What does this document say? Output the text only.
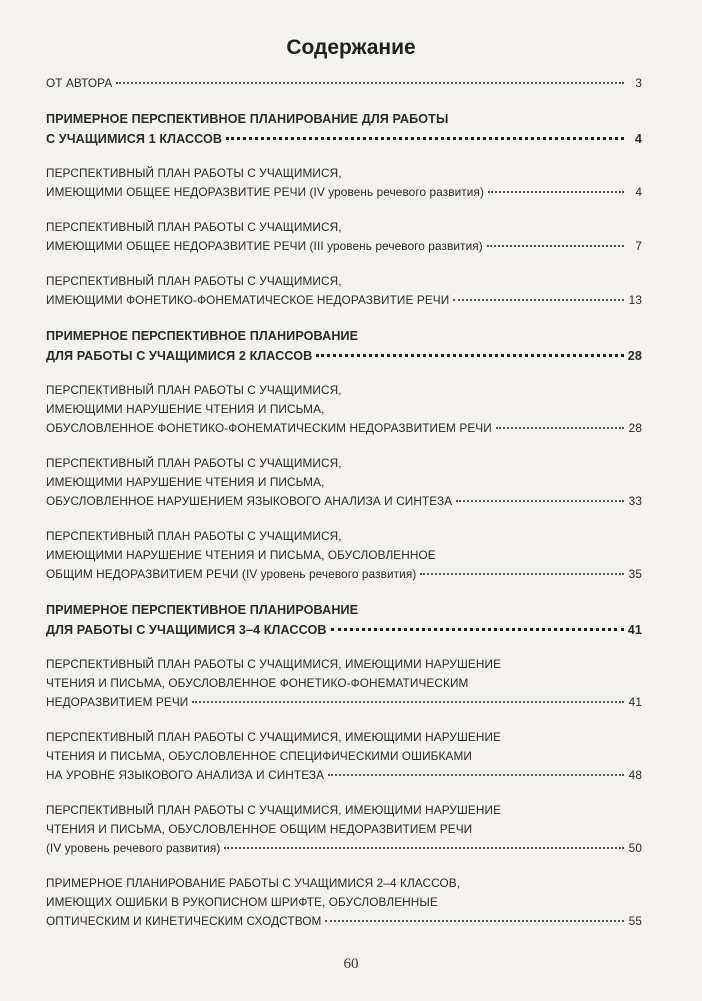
Содержание
ОТ АВТОРА	3
ПРИМЕРНОЕ ПЕРСПЕКТИВНОЕ ПЛАНИРОВАНИЕ ДЛЯ РАБОТЫ
С УЧАЩИМИСЯ 1 КЛАССОВ	4
ПЕРСПЕКТИВНЫЙ ПЛАН РАБОТЫ С УЧАЩИМИСЯ,
ИМЕЮЩИМИ ОБЩЕЕ НЕДОРАЗВИТИЕ РЕЧИ (IV уровень речевого развития)	4
ПЕРСПЕКТИВНЫЙ ПЛАН РАБОТЫ С УЧАЩИМИСЯ,
ИМЕЮЩИМИ ОБЩЕЕ НЕДОРАЗВИТИЕ РЕЧИ (III уровень речевого развития)	7
ПЕРСПЕКТИВНЫЙ ПЛАН РАБОТЫ С УЧАЩИМИСЯ,
ИМЕЮЩИМИ ФОНЕТИКО-ФОНЕМАТИЧЕСКОЕ НЕДОРАЗВИТИЕ РЕЧИ	13
ПРИМЕРНОЕ ПЕРСПЕКТИВНОЕ ПЛАНИРОВАНИЕ
ДЛЯ РАБОТЫ С УЧАЩИМИСЯ 2 КЛАССОВ	28
ПЕРСПЕКТИВНЫЙ ПЛАН РАБОТЫ С УЧАЩИМИСЯ,
ИМЕЮЩИМИ НАРУШЕНИЕ ЧТЕНИЯ И ПИСЬМА,
ОБУСЛОВЛЕННОЕ ФОНЕТИКО-ФОНЕМАТИЧЕСКИМ НЕДОРАЗВИТИЕМ РЕЧИ	28
ПЕРСПЕКТИВНЫЙ ПЛАН РАБОТЫ С УЧАЩИМИСЯ,
ИМЕЮЩИМИ НАРУШЕНИЕ ЧТЕНИЯ И ПИСЬМА,
ОБУСЛОВЛЕННОЕ НАРУШЕНИЕМ ЯЗЫКОВОГО АНАЛИЗА И СИНТЕЗА	33
ПЕРСПЕКТИВНЫЙ ПЛАН РАБОТЫ С УЧАЩИМИСЯ,
ИМЕЮЩИМИ НАРУШЕНИЕ ЧТЕНИЯ И ПИСЬМА, ОБУСЛОВЛЕННОЕ
ОБЩИМ НЕДОРАЗВИТИЕМ РЕЧИ (IV уровень речевого развития)	35
ПРИМЕРНОЕ ПЕРСПЕКТИВНОЕ ПЛАНИРОВАНИЕ
ДЛЯ РАБОТЫ С УЧАЩИМИСЯ 3–4 КЛАССОВ	41
ПЕРСПЕКТИВНЫЙ ПЛАН РАБОТЫ С УЧАЩИМИСЯ, ИМЕЮЩИМИ НАРУШЕНИЕ
ЧТЕНИЯ И ПИСЬМА, ОБУСЛОВЛЕННОЕ ФОНЕТИКО-ФОНЕМАТИЧЕСКИМ
НЕДОРАЗВИТИЕМ РЕЧИ	41
ПЕРСПЕКТИВНЫЙ ПЛАН РАБОТЫ С УЧАЩИМИСЯ, ИМЕЮЩИМИ НАРУШЕНИЕ
ЧТЕНИЯ И ПИСЬМА, ОБУСЛОВЛЕННОЕ СПЕЦИФИЧЕСКИМИ ОШИБКАМИ
НА УРОВНЕ ЯЗЫКОВОГО АНАЛИЗА И СИНТЕЗА	48
ПЕРСПЕКТИВНЫЙ ПЛАН РАБОТЫ С УЧАЩИМИСЯ, ИМЕЮЩИМИ НАРУШЕНИЕ
ЧТЕНИЯ И ПИСЬМА, ОБУСЛОВЛЕННОЕ ОБЩИМ НЕДОРАЗВИТИЕМ РЕЧИ
(IV уровень речевого развития)	50
ПРИМЕРНОЕ ПЛАНИРОВАНИЕ РАБОТЫ С УЧАЩИМИСЯ 2–4 КЛАССОВ,
ИМЕЮЩИХ ОШИБКИ В РУКОПИСНОМ ШРИФТЕ, ОБУСЛОВЛЕННЫЕ
ОПТИЧЕСКИМ И КИНЕТИЧЕСКИМ СХОДСТВОМ	55
60
